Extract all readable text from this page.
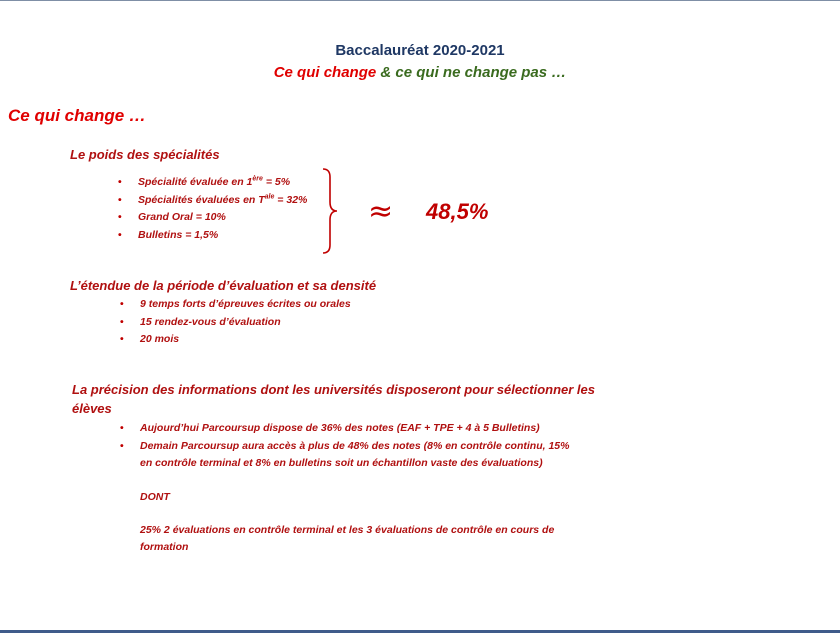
Baccalauréat 2020-2021
Ce qui change & ce qui ne change pas …
Ce qui change …
Le poids des spécialités
• Spécialité évaluée en 1ère = 5%
• Spécialités évaluées en $T^{ale} = 32\%$
• Grand Oral = 10%
• Bulletins = 1,5%
≈ 48,5%
L’étendue de la période d’évaluation et sa densité
• 9 temps forts d’épreuves écrites ou orales
• 15 rendez-vous d’évaluation
• 20 mois
La précision des informations dont les universités disposeront pour sélectionner les
élèves
• Aujourd’hui Parcoursup dispose de 36% des notes (EAF + TPE + 4 à 5 Bulletins)
• Demain Parcoursup aura accès à plus de 48% des notes (8% en contrôle continu, 15%
en contrôle terminal et 8% en bulletins soit un échantillon vaste des évaluations)
DONT
25% 2 évaluations en contrôle terminal et les 3 évaluations de contrôle en cours de
formation
